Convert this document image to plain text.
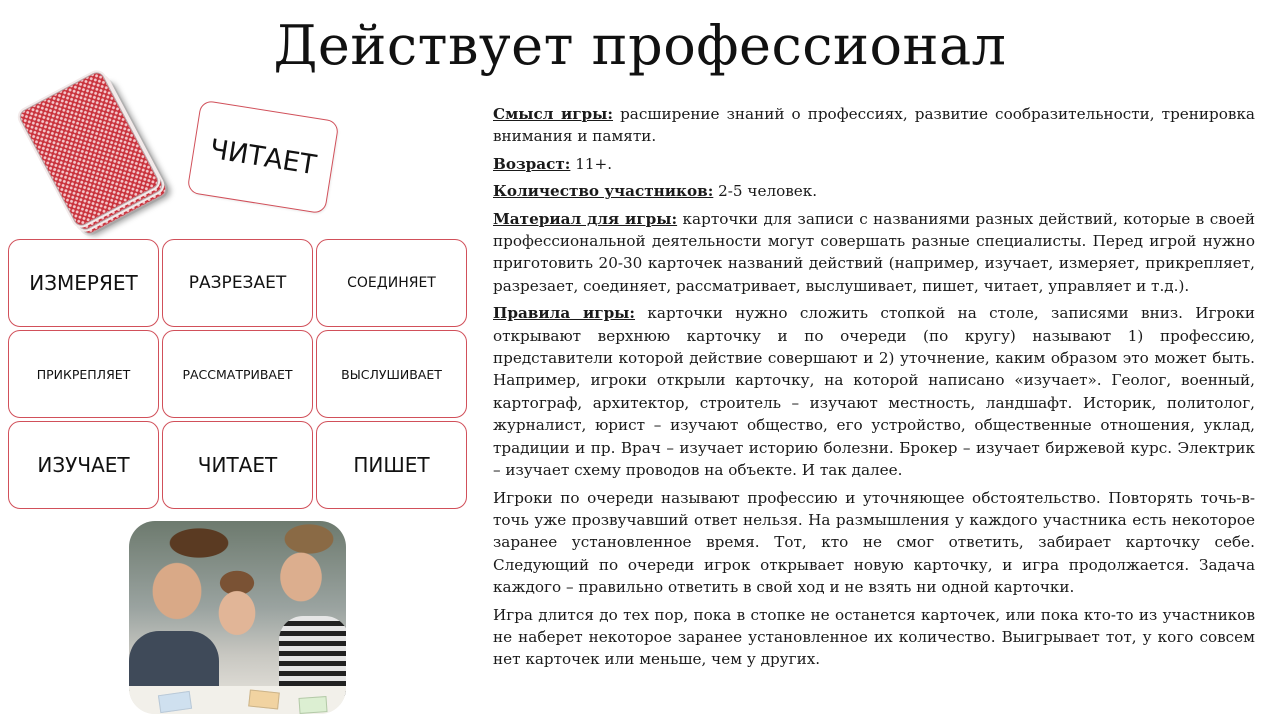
Действует профессионал
ЧИТАЕТ
ИЗМЕРЯЕТ	РАЗРЕЗАЕТ	СОЕДИНЯЕТ
ПРИКРЕПЛЯЕТ	РАССМАТРИВАЕТ	ВЫСЛУШИВАЕТ
ИЗУЧАЕТ	ЧИТАЕТ	ПИШЕТ

Смысл игры: расширение знаний о профессиях, развитие сообразительности, тренировка внимания и памяти.

Возраст: 11+.

Количество участников: 2-5 человек.

Материал для игры: карточки для записи с названиями разных действий, которые в своей профессиональной деятельности могут совершать разные специалисты. Перед игрой нужно приготовить 20-30 карточек названий действий (например, изучает, измеряет, прикрепляет, разрезает, соединяет, рассматривает, выслушивает, пишет, читает, управляет и т.д.).

Правила игры: карточки нужно сложить стопкой на столе, записями вниз. Игроки открывают верхнюю карточку и по очереди (по кругу) называют 1) профессию, представители которой действие совершают и 2) уточнение, каким образом это может быть. Например, игроки открыли карточку, на которой написано «изучает». Геолог, военный, картограф, архитектор, строитель – изучают местность, ландшафт. Историк, политолог, журналист, юрист – изучают общество, его устройство, общественные отношения, уклад, традиции и пр. Врач – изучает историю болезни. Брокер – изучает биржевой курс. Электрик – изучает схему проводов на объекте. И так далее.

Игроки по очереди называют профессию и уточняющее обстоятельство. Повторять точь-в-точь уже прозвучавший ответ нельзя. На размышления у каждого участника есть некоторое заранее установленное время. Тот, кто не смог ответить, забирает карточку себе. Следующий по очереди игрок открывает новую карточку, и игра продолжается. Задача каждого – правильно ответить в свой ход и не взять ни одной карточки.

Игра длится до тех пор, пока в стопке не останется карточек, или пока кто-то из участников не наберет некоторое заранее установленное их количество. Выигрывает тот, у кого совсем нет карточек или меньше, чем у других.
